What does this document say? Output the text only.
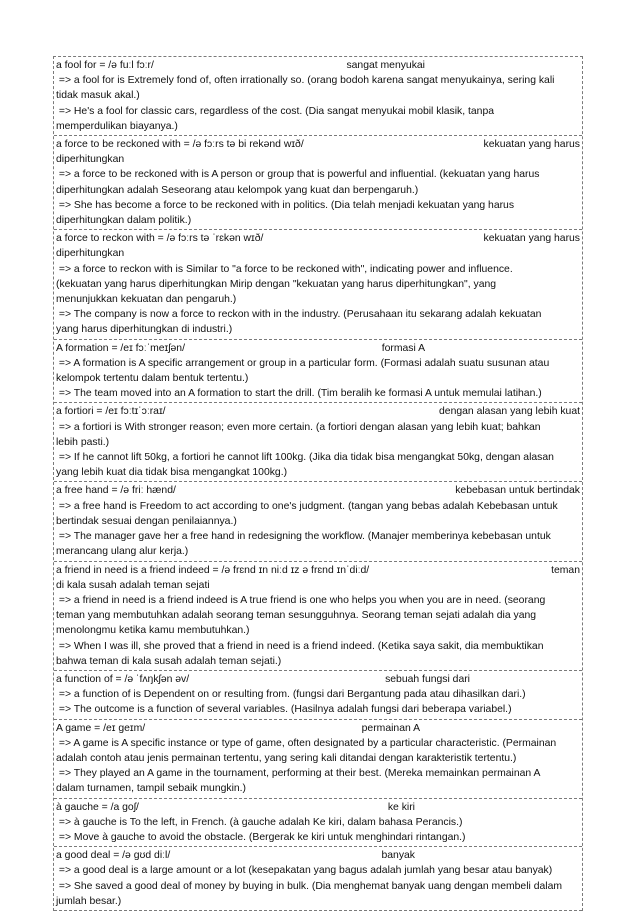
a fool for = /ə fuːl fɔːr/	sangat menyukai
=> a fool for is Extremely fond of, often irrationally so. (orang bodoh karena sangat menyukainya, sering kali
tidak masuk akal.)
=> He's a fool for classic cars, regardless of the cost. (Dia sangat menyukai mobil klasik, tanpa
memperdulikan biayanya.)
a force to be reckoned with = /ə fɔːrs tə bi rekənd wɪð/	kekuatan yang harus
diperhitungkan
=> a force to be reckoned with is A person or group that is powerful and influential. (kekuatan yang harus
diperhitungkan adalah Seseorang atau kelompok yang kuat dan berpengaruh.)
=> She has become a force to be reckoned with in politics. (Dia telah menjadi kekuatan yang harus
diperhitungkan dalam politik.)
a force to reckon with = /ə fɔːrs tə ˈrɛkən wɪð/	kekuatan yang harus
diperhitungkan
=> a force to reckon with is Similar to "a force to be reckoned with", indicating power and influence.
(kekuatan yang harus diperhitungkan Mirip dengan "kekuatan yang harus diperhitungkan", yang
menunjukkan kekuatan dan pengaruh.)
=> The company is now a force to reckon with in the industry. (Perusahaan itu sekarang adalah kekuatan
yang harus diperhitungkan di industri.)
A formation = /eɪ fɔːˈmeɪʃən/	formasi A
=> A formation is A specific arrangement or group in a particular form. (Formasi adalah suatu susunan atau
kelompok tertentu dalam bentuk tertentu.)
=> The team moved into an A formation to start the drill. (Tim beralih ke formasi A untuk memulai latihan.)
a fortiori = /eɪ fɔːtɪˈɔːraɪ/	dengan alasan yang lebih kuat
=> a fortiori is With stronger reason; even more certain. (a fortiori dengan alasan yang lebih kuat; bahkan
lebih pasti.)
=> If he cannot lift 50kg, a fortiori he cannot lift 100kg. (Jika dia tidak bisa mengangkat 50kg, dengan alasan
yang lebih kuat dia tidak bisa mengangkat 100kg.)
a free hand = /ə friː hænd/	kebebasan untuk bertindak
=> a free hand is Freedom to act according to one's judgment. (tangan yang bebas adalah Kebebasan untuk
bertindak sesuai dengan penilaiannya.)
=> The manager gave her a free hand in redesigning the workflow. (Manajer memberinya kebebasan untuk
merancang ulang alur kerja.)
a friend in need is a friend indeed = /ə frɛnd ɪn niːd ɪz ə frɛnd ɪnˈdiːd/	teman
di kala susah adalah teman sejati
=> a friend in need is a friend indeed is A true friend is one who helps you when you are in need. (seorang
teman yang membutuhkan adalah seorang teman sesungguhnya. Seorang teman sejati adalah dia yang
menolongmu ketika kamu membutuhkan.)
=> When I was ill, she proved that a friend in need is a friend indeed. (Ketika saya sakit, dia membuktikan
bahwa teman di kala susah adalah teman sejati.)
a function of = /ə ˈfʌŋkʃən əv/	sebuah fungsi dari
=> a function of is Dependent on or resulting from. (fungsi dari Bergantung pada atau dihasilkan dari.)
=> The outcome is a function of several variables. (Hasilnya adalah fungsi dari beberapa variabel.)
A game = /eɪ ɡeɪm/	permainan A
=> A game is A specific instance or type of game, often designated by a particular characteristic. (Permainan
adalah contoh atau jenis permainan tertentu, yang sering kali ditandai dengan karakteristik tertentu.)
=> They played an A game in the tournament, performing at their best. (Mereka memainkan permainan A
dalam turnamen, tampil sebaik mungkin.)
à gauche = /a ɡoʃ/	ke kiri
=> à gauche is To the left, in French. (à gauche adalah Ke kiri, dalam bahasa Perancis.)
=> Move à gauche to avoid the obstacle. (Bergerak ke kiri untuk menghindari rintangan.)
a good deal = /ə ɡʊd diːl/	banyak
=> a good deal is a large amount or a lot (kesepakatan yang bagus adalah jumlah yang besar atau banyak)
=> She saved a good deal of money by buying in bulk. (Dia menghemat banyak uang dengan membeli dalam
jumlah besar.)
